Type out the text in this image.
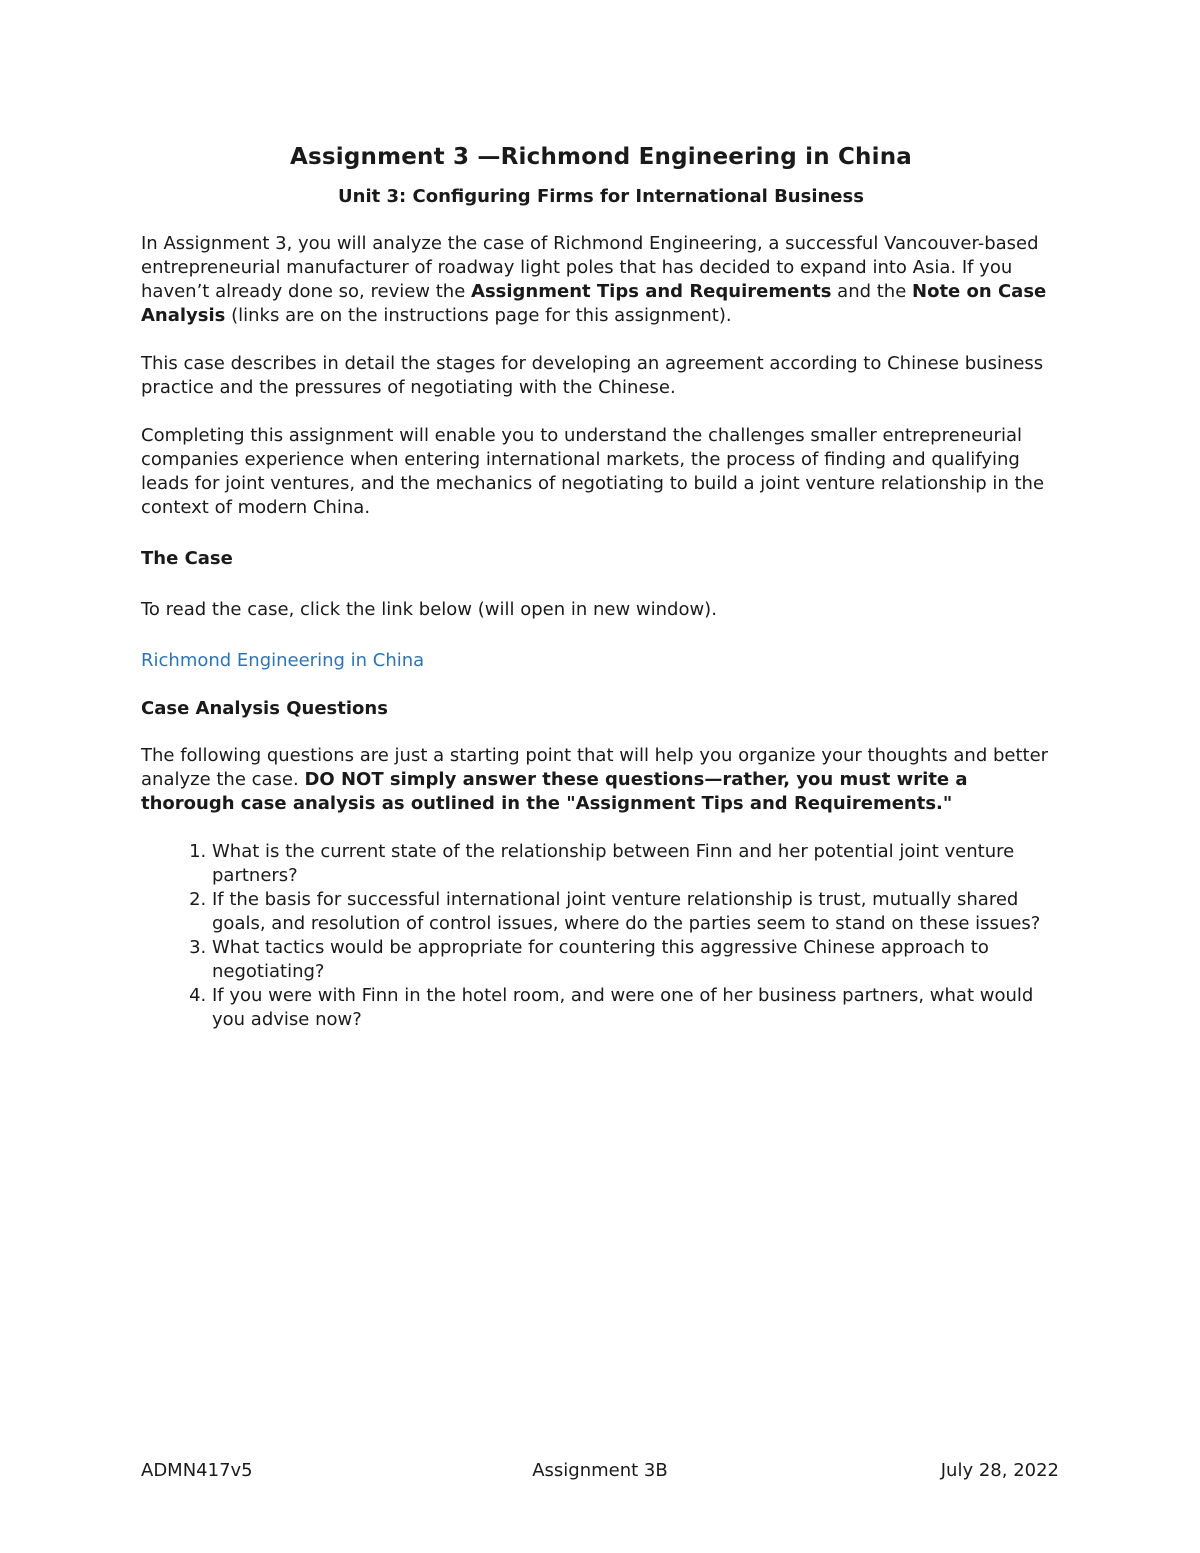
Assignment 3 —Richmond Engineering in China
Unit 3: Configuring Firms for International Business

In Assignment 3, you will analyze the case of Richmond Engineering, a successful Vancouver-based entrepreneurial manufacturer of roadway light poles that has decided to expand into Asia. If you haven’t already done so, review the Assignment Tips and Requirements and the Note on Case Analysis (links are on the instructions page for this assignment).

This case describes in detail the stages for developing an agreement according to Chinese business practice and the pressures of negotiating with the Chinese.

Completing this assignment will enable you to understand the challenges smaller entrepreneurial companies experience when entering international markets, the process of finding and qualifying leads for joint ventures, and the mechanics of negotiating to build a joint venture relationship in the context of modern China.

The Case

To read the case, click the link below (will open in new window).

Richmond Engineering in China

Case Analysis Questions

The following questions are just a starting point that will help you organize your thoughts and better analyze the case. DO NOT simply answer these questions—rather, you must write a thorough case analysis as outlined in the "Assignment Tips and Requirements."

1. What is the current state of the relationship between Finn and her potential joint venture partners?
2. If the basis for successful international joint venture relationship is trust, mutually shared goals, and resolution of control issues, where do the parties seem to stand on these issues?
3. What tactics would be appropriate for countering this aggressive Chinese approach to negotiating?
4. If you were with Finn in the hotel room, and were one of her business partners, what would you advise now?
ADMN417v5	Assignment 3B	July 28, 2022
